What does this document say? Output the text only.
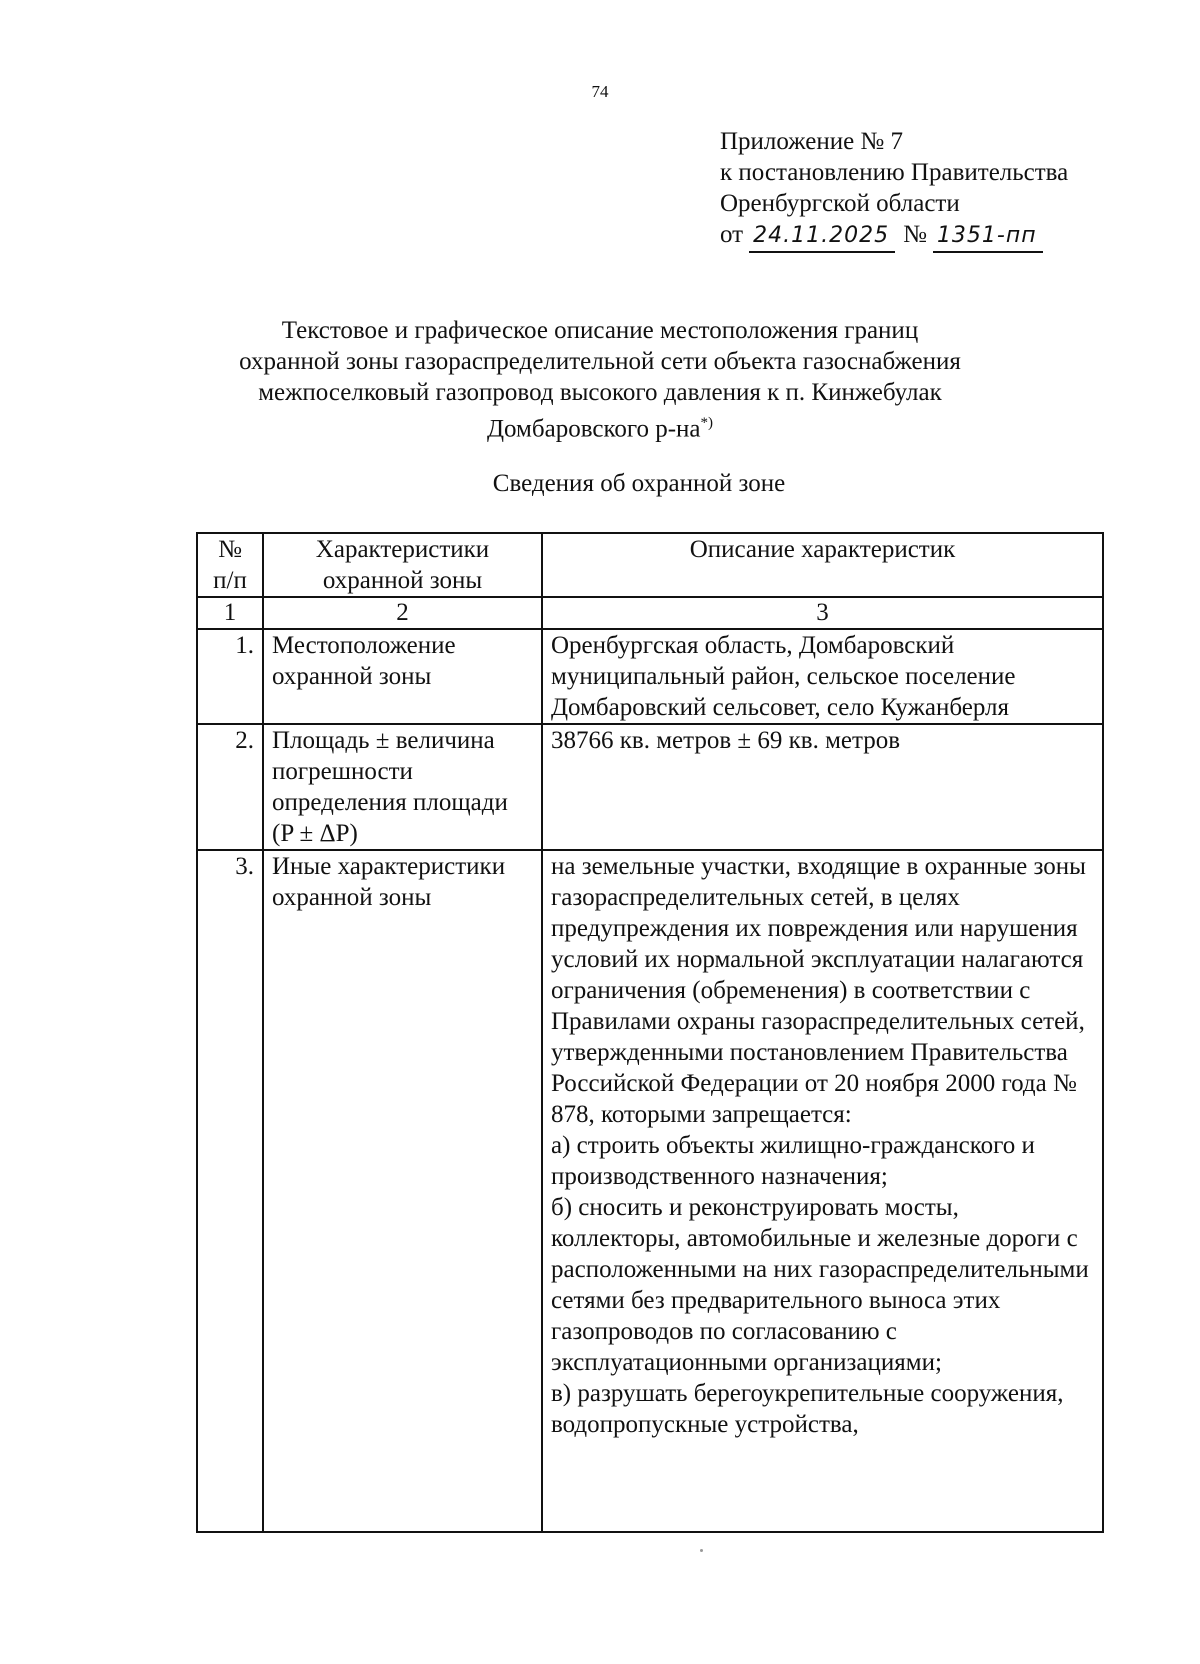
74
Приложение № 7
к постановлению Правительства
Оренбургской области
от 24.11.2025 № 1351-пп
Текстовое и графическое описание местоположения границ
охранной зоны газораспределительной сети объекта газоснабжения
межпоселковый газопровод высокого давления к п. Кинжебулак
Домбаровского р-на*)
Сведения об охранной зоне
№ п/п	Характеристики охранной зоны	Описание характеристик
1	2	3
1.	Местоположение охранной зоны	Оренбургская область, Домбаровский муниципальный район, сельское поселение Домбаровский сельсовет, село Кужанберля

2.	Площадь ± величина погрешности определения площади (P ± ΔP)	38766 кв. метров ± 69 кв. метров

3.	Иные характеристики охранной зоны	на земельные участки, входящие в охранные зоны газораспределительных сетей, в целях предупреждения их повреждения или нарушения условий их нормальной эксплуатации налагаются ограничения (обременения) в соответствии с Правилами охраны газораспределительных сетей, утвержденными постановлением Правительства Российской Федерации от 20 ноября 2000 года № 878, которыми запрещается:
а) строить объекты жилищно-гражданского и производственного назначения;
б) сносить и реконструировать мосты, коллекторы, автомобильные и железные дороги с расположенными на них газораспределительными сетями без предварительного выноса этих газопроводов по согласованию с эксплуатационными организациями;
в) разрушать берегоукрепительные сооружения, водопропускные устройства,
